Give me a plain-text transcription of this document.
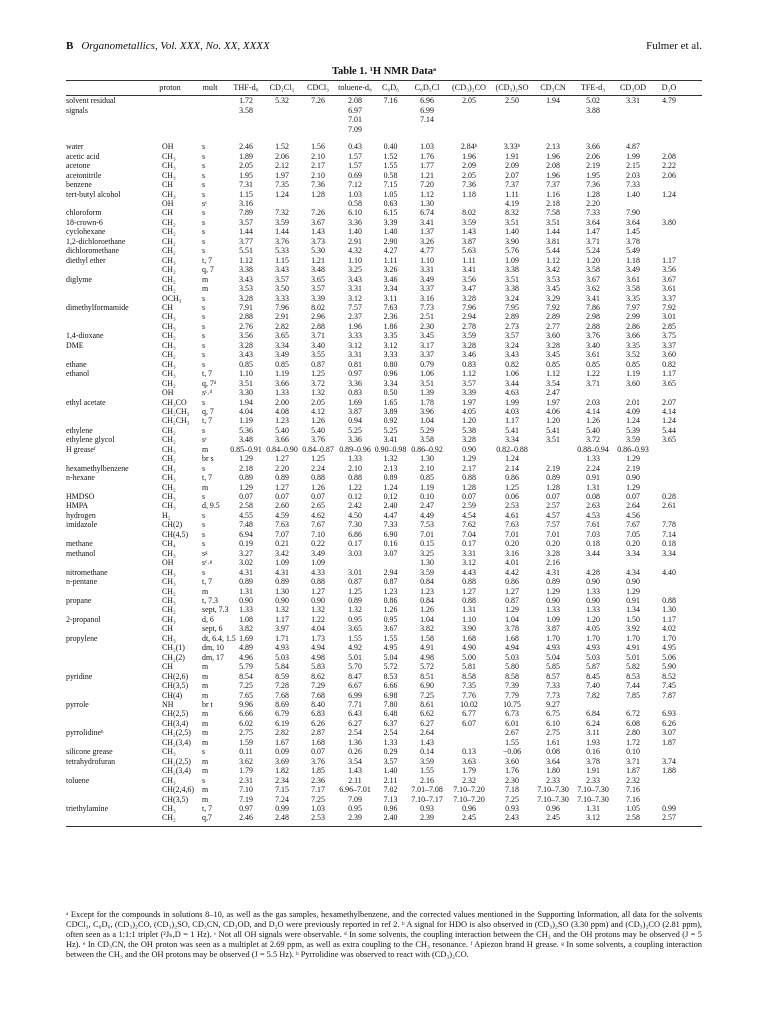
B Organometallics, Vol. XXX, No. XX, XXXX	Fulmer et al.
Table 1. ¹H NMR Dataᵃ
	proton	mult	THF-d₈	CD₂Cl₂	CDCl₃	toluene-d₈	C₆D₆	C₆D₅Cl	(CD₃)₂CO	(CD₃)₂SO	CD₃CN	TFE-d₃	CD₃OD	D₂O	
solvent residual			1.72	5.32	7.26	2.08	7.16	6.96	2.05	2.50	1.94	5.02	3.31	4.79	
signals			3.58			6.97		6.99				3.88			
						7.01		7.14							
						7.09									

water	OH	s	2.46	1.52	1.56	0.43	0.40	1.03	2.84ᵇ	3.33ᵇ	2.13	3.66	4.87		
acetic acid	CH₃	s	1.89	2.06	2.10	1.57	1.52	1.76	1.96	1.91	1.96	2.06	1.99	2.08	
acetone	CH₃	s	2.05	2.12	2.17	1.57	1.55	1.77	2.09	2.09	2.08	2.19	2.15	2.22	
acetonitrile	CH₃	s	1.95	1.97	2.10	0.69	0.58	1.21	2.05	2.07	1.96	1.95	2.03	2.06	
benzene	CH	s	7.31	7.35	7.36	7.12	7.15	7.20	7.36	7.37	7.37	7.36	7.33		
tert-butyl alcohol	CH₃	s	1.15	1.24	1.28	1.03	1.05	1.12	1.18	1.11	1.16	1.28	1.40	1.24	
	OH	sᶜ	3.16			0.58	0.63	1.30		4.19	2.18	2.20			
chloroform	CH	s	7.89	7.32	7.26	6.10	6.15	6.74	8.02	8.32	7.58	7.33	7.90		
18-crown-6	CH₂	s	3.57	3.59	3.67	3.36	3.39	3.41	3.59	3.51	3.51	3.64	3.64	3.80	
cyclohexane	CH₂	s	1.44	1.44	1.43	1.40	1.40	1.37	1.43	1.40	1.44	1.47	1.45		
1,2-dichloroethane	CH₂	s	3.77	3.76	3.73	2.91	2.90	3.26	3.87	3.90	3.81	3.71	3.78		
dichloromethane	CH₂	s	5.51	5.33	5.30	4.32	4.27	4.77	5.63	5.76	5.44	5.24	5.49		
diethyl ether	CH₃	t, 7	1.12	1.15	1.21	1.10	1.11	1.10	1.11	1.09	1.12	1.20	1.18	1.17	
	CH₂	q, 7	3.38	3.43	3.48	3.25	3.26	3.31	3.41	3.38	3.42	3.58	3.49	3.56	
diglyme	CH₂	m	3.43	3.57	3.65	3.43	3.46	3.49	3.56	3.51	3.53	3.67	3.61	3.67	
	CH₂	m	3.53	3.50	3.57	3.31	3.34	3.37	3.47	3.38	3.45	3.62	3.58	3.61	
	OCH₃	s	3.28	3.33	3.39	3.12	3.11	3.16	3.28	3.24	3.29	3.41	3.35	3.37	
dimethylformamide	CH	s	7.91	7.96	8.02	7.57	7.63	7.73	7.96	7.95	7.92	7.86	7.97	7.92	
	CH₃	s	2.88	2.91	2.96	2.37	2.36	2.51	2.94	2.89	2.89	2.98	2.99	3.01	
	CH₃	s	2.76	2.82	2.88	1.96	1.86	2.30	2.78	2.73	2.77	2.88	2.86	2.85	
1,4-dioxane	CH₂	s	3.56	3.65	3.71	3.33	3.35	3.45	3.59	3.57	3.60	3.76	3.66	3.75	
DME	CH₃	s	3.28	3.34	3.40	3.12	3.12	3.17	3.28	3.24	3.28	3.40	3.35	3.37	
	CH₂	s	3.43	3.49	3.55	3.31	3.33	3.37	3.46	3.43	3.45	3.61	3.52	3.60	
ethane	CH₃	s	0.85	0.85	0.87	0.81	0.80	0.79	0.83	0.82	0.85	0.85	0.85	0.82	
ethanol	CH₃	t, 7	1.10	1.19	1.25	0.97	0.96	1.06	1.12	1.06	1.12	1.22	1.19	1.17	
	CH₂	q, 7ᵈ	3.51	3.66	3.72	3.36	3.34	3.51	3.57	3.44	3.54	3.71	3.60	3.65	
	OH	sᶜ˒ᵈ	3.30	1.33	1.32	0.83	0.50	1.39	3.39	4.63	2.47				
ethyl acetate	CH₃CO	s	1.94	2.00	2.05	1.69	1.65	1.78	1.97	1.99	1.97	2.03	2.01	2.07	
	CH₂CH₃	q, 7	4.04	4.08	4.12	3.87	3.89	3.96	4.05	4.03	4.06	4.14	4.09	4.14	
	CH₂CH₃	t, 7	1.19	1.23	1.26	0.94	0.92	1.04	1.20	1.17	1.20	1.26	1.24	1.24	
ethylene	CH₂	s	5.36	5.40	5.40	5.25	5.25	5.29	5.38	5.41	5.41	5.40	5.39	5.44	
ethylene glycol	CH₂	sᶜ	3.48	3.66	3.76	3.36	3.41	3.58	3.28	3.34	3.51	3.72	3.59	3.65	
H greaseᶠ	CH₃	m	0.85–0.91	0.84–0.90	0.84–0.87	0.89–0.96	0.90–0.98	0.86–0.92	0.90	0.82–0.88		0.88–0.94	0.86–0.93		
	CH₂	br s	1.29	1.27	1.25	1.33	1.32	1.30	1.29	1.24		1.33	1.29		
hexamethylbenzene	CH₃	s	2.18	2.20	2.24	2.10	2.13	2.10	2.17	2.14	2.19	2.24	2.19		
n-hexane	CH₃	t, 7	0.89	0.89	0.88	0.88	0.89	0.85	0.88	0.86	0.89	0.91	0.90		
	CH₂	m	1.29	1.27	1.26	1.22	1.24	1.19	1.28	1.25	1.28	1.31	1.29		
HMDSO	CH₃	s	0.07	0.07	0.07	0.12	0.12	0.10	0.07	0.06	0.07	0.08	0.07	0.28	
HMPA	CH₃	d, 9.5	2.58	2.60	2.65	2.42	2.40	2.47	2.59	2.53	2.57	2.63	2.64	2.61	
hydrogen	H₂	s	4.55	4.59	4.62	4.50	4.47	4.49	4.54	4.61	4.57	4.53	4.56		
imidazole	CH(2)	s	7.48	7.63	7.67	7.30	7.33	7.53	7.62	7.63	7.57	7.61	7.67	7.78	
	CH(4,5)	s	6.94	7.07	7.10	6.86	6.90	7.01	7.04	7.01	7.01	7.03	7.05	7.14	
methane	CH₄	s	0.19	0.21	0.22	0.17	0.16	0.15	0.17	0.20	0.20	0.18	0.20	0.18	
methanol	CH₃	sᵍ	3.27	3.42	3.49	3.03	3.07	3.25	3.31	3.16	3.28	3.44	3.34	3.34	
	OH	sᶜ˒ᵍ	3.02	1.09	1.09			1.30	3.12	4.01	2.16				
nitromethane	CH₃	s	4.31	4.31	4.33	3.01	2.94	3.59	4.43	4.42	4.31	4.28	4.34	4.40	
n-pentane	CH₃	t, 7	0.89	0.89	0.88	0.87	0.87	0.84	0.88	0.86	0.89	0.90	0.90		
	CH₂	m	1.31	1.30	1.27	1.25	1.23	1.23	1.27	1.27	1.29	1.33	1.29		
propane	CH₃	t, 7.3	0.90	0.90	0.90	0.89	0.86	0.84	0.88	0.87	0.90	0.90	0.91	0.88	
	CH₂	sept, 7.3	1.33	1.32	1.32	1.32	1.26	1.26	1.31	1.29	1.33	1.33	1.34	1.30	
2-propanol	CH₃	d, 6	1.08	1.17	1.22	0.95	0.95	1.04	1.10	1.04	1.09	1.20	1.50	1.17	
	CH	sept, 6	3.82	3.97	4.04	3.65	3.67	3.82	3.90	3.78	3.87	4.05	3.92	4.02	
propylene	CH₃	dt, 6.4, 1.5	1.69	1.71	1.73	1.55	1.55	1.58	1.68	1.68	1.70	1.70	1.70	1.70	
	CH₂(1)	dm, 10	4.89	4.93	4.94	4.92	4.95	4.91	4.90	4.94	4.93	4.93	4.91	4.95	
	CH₂(2)	dm, 17	4.96	5.03	4.98	5.01	5.04	4.98	5.00	5.03	5.04	5.03	5.01	5.06	
	CH	m	5.79	5.84	5.83	5.70	5.72	5.72	5.81	5.80	5.85	5.87	5.82	5.90	
pyridine	CH(2,6)	m	8.54	8.59	8.62	8.47	8.53	8.51	8.58	8.58	8.57	8.45	8.53	8.52	
	CH(3,5)	m	7.25	7.28	7.29	6.67	6.66	6.90	7.35	7.39	7.33	7.40	7.44	7.45	
	CH(4)	m	7.65	7.68	7.68	6.99	6.98	7.25	7.76	7.79	7.73	7.82	7.85	7.87	
pyrrole	NH	br t	9.96	8.69	8.40	7.71	7.80	8.61	10.02	10.75	9.27				
	CH(2,5)	m	6.66	6.79	6.83	6.43	6.48	6.62	6.77	6.73	6.75	6.84	6.72	6.93	
	CH(3,4)	m	6.02	6.19	6.26	6.27	6.37	6.27	6.07	6.01	6.10	6.24	6.08	6.26	
pyrrolidineʰ	CH₂(2,5)	m	2.75	2.82	2.87	2.54	2.54	2.64		2.67	2.75	3.11	2.80	3.07	
	CH₂(3,4)	m	1.59	1.67	1.68	1.36	1.33	1.43		1.55	1.61	1.93	1.72	1.87	
silicone grease	CH₃	s	0.11	0.09	0.07	0.26	0.29	0.14	0.13	−0.06	0.08	0.16	0.10		
tetrahydrofuran	CH₂(2,5)	m	3.62	3.69	3.76	3.54	3.57	3.59	3.63	3.60	3.64	3.78	3.71	3.74	
	CH₂(3,4)	m	1.79	1.82	1.85	1.43	1.40	1.55	1.79	1.76	1.80	1.91	1.87	1.88	
toluene	CH₃	s	2.31	2.34	2.36	2.11	2.11	2.16	2.32	2.30	2.33	2.33	2.32		
	CH(2,4,6)	m	7.10	7.15	7.17	6.96–7.01	7.02	7.01–7.08	7.10–7.20	7.18	7.10–7.30	7.10–7.30	7.16		
	CH(3,5)	m	7.19	7.24	7.25	7.09	7.13	7.10–7.17	7.10–7.20	7.25	7.10–7.30	7.10–7.30	7.16		
triethylamine	CH₃	t, 7	0.97	0.99	1.03	0.95	0.96	0.93	0.96	0.93	0.96	1.31	1.05	0.99	
	CH₂	q,7	2.46	2.48	2.53	2.39	2.40	2.39	2.45	2.43	2.45	3.12	2.58	2.57	
ᵃ Except for the compounds in solutions 8–10, as well as the gas samples, hexamethylbenzene, and the corrected values mentioned in the Supporting Information, all data for the solvents CDCl₃, C₆D₆, (CD₃)₂CO, (CD₃)₂SO, CD₃CN, CD₃OD, and D₂O were previously reported in ref 2. ᵇ A signal for HDO is also observed in (CD₃)₂SO (3.30 ppm) and (CD₃)₂CO (2.81 ppm), often seen as a 1:1:1 triplet (²Jₕ,D = 1 Hz). ᶜ Not all OH signals were observable. ᵈ In some solvents, the coupling interaction between the CH₂ and the OH protons may be observed (J = 5 Hz). ᵉ In CD₃CN, the OH proton was seen as a multiplet at 2.69 ppm, as well as extra coupling to the CH₃ resonance. ᶠ Apiezon brand H grease. ᵍ In some solvents, a coupling interaction between the CH₃ and the OH protons may be observed (J = 5.5 Hz). ʰ Pyrrolidine was observed to react with (CD₃)₂CO.
